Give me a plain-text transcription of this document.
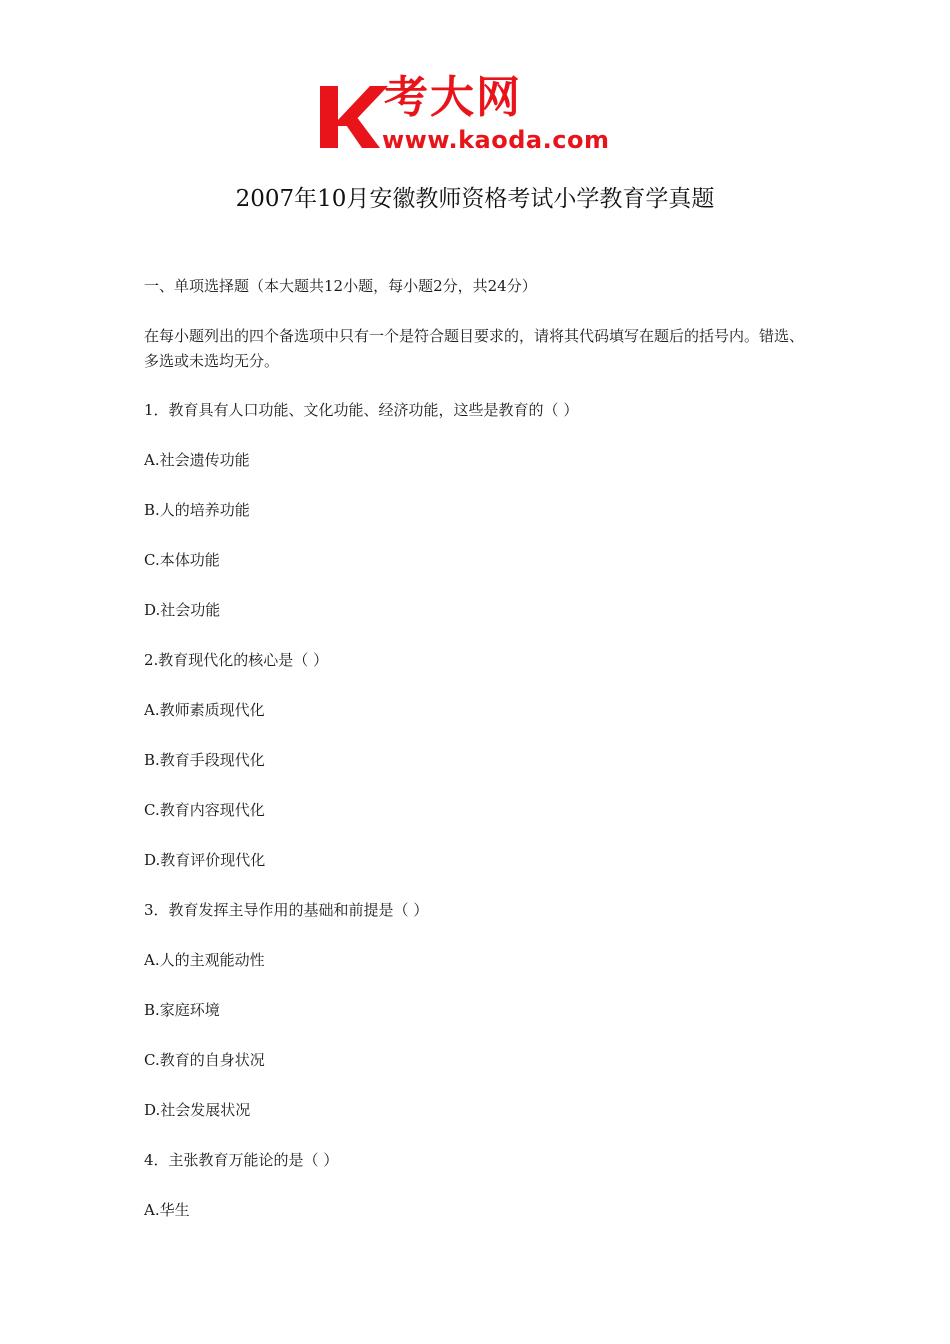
考大网
www.kaoda.com
2007年10月安徽教师资格考试小学教育学真题

一、单项选择题（本大题共12小题，每小题2分，共24分）

在每小题列出的四个备选项中只有一个是符合题目要求的，请将其代码填写在题后的括号内。错选、多选或未选均无分。

1．教育具有人口功能、文化功能、经济功能，这些是教育的（ ）

A.社会遗传功能

B.人的培养功能

C.本体功能

D.社会功能

2.教育现代化的核心是（ ）

A.教师素质现代化

B.教育手段现代化

C.教育内容现代化

D.教育评价现代化

3．教育发挥主导作用的基础和前提是（ ）

A.人的主观能动性

B.家庭环境

C.教育的自身状况

D.社会发展状况

4．主张教育万能论的是（ ）

A.华生
